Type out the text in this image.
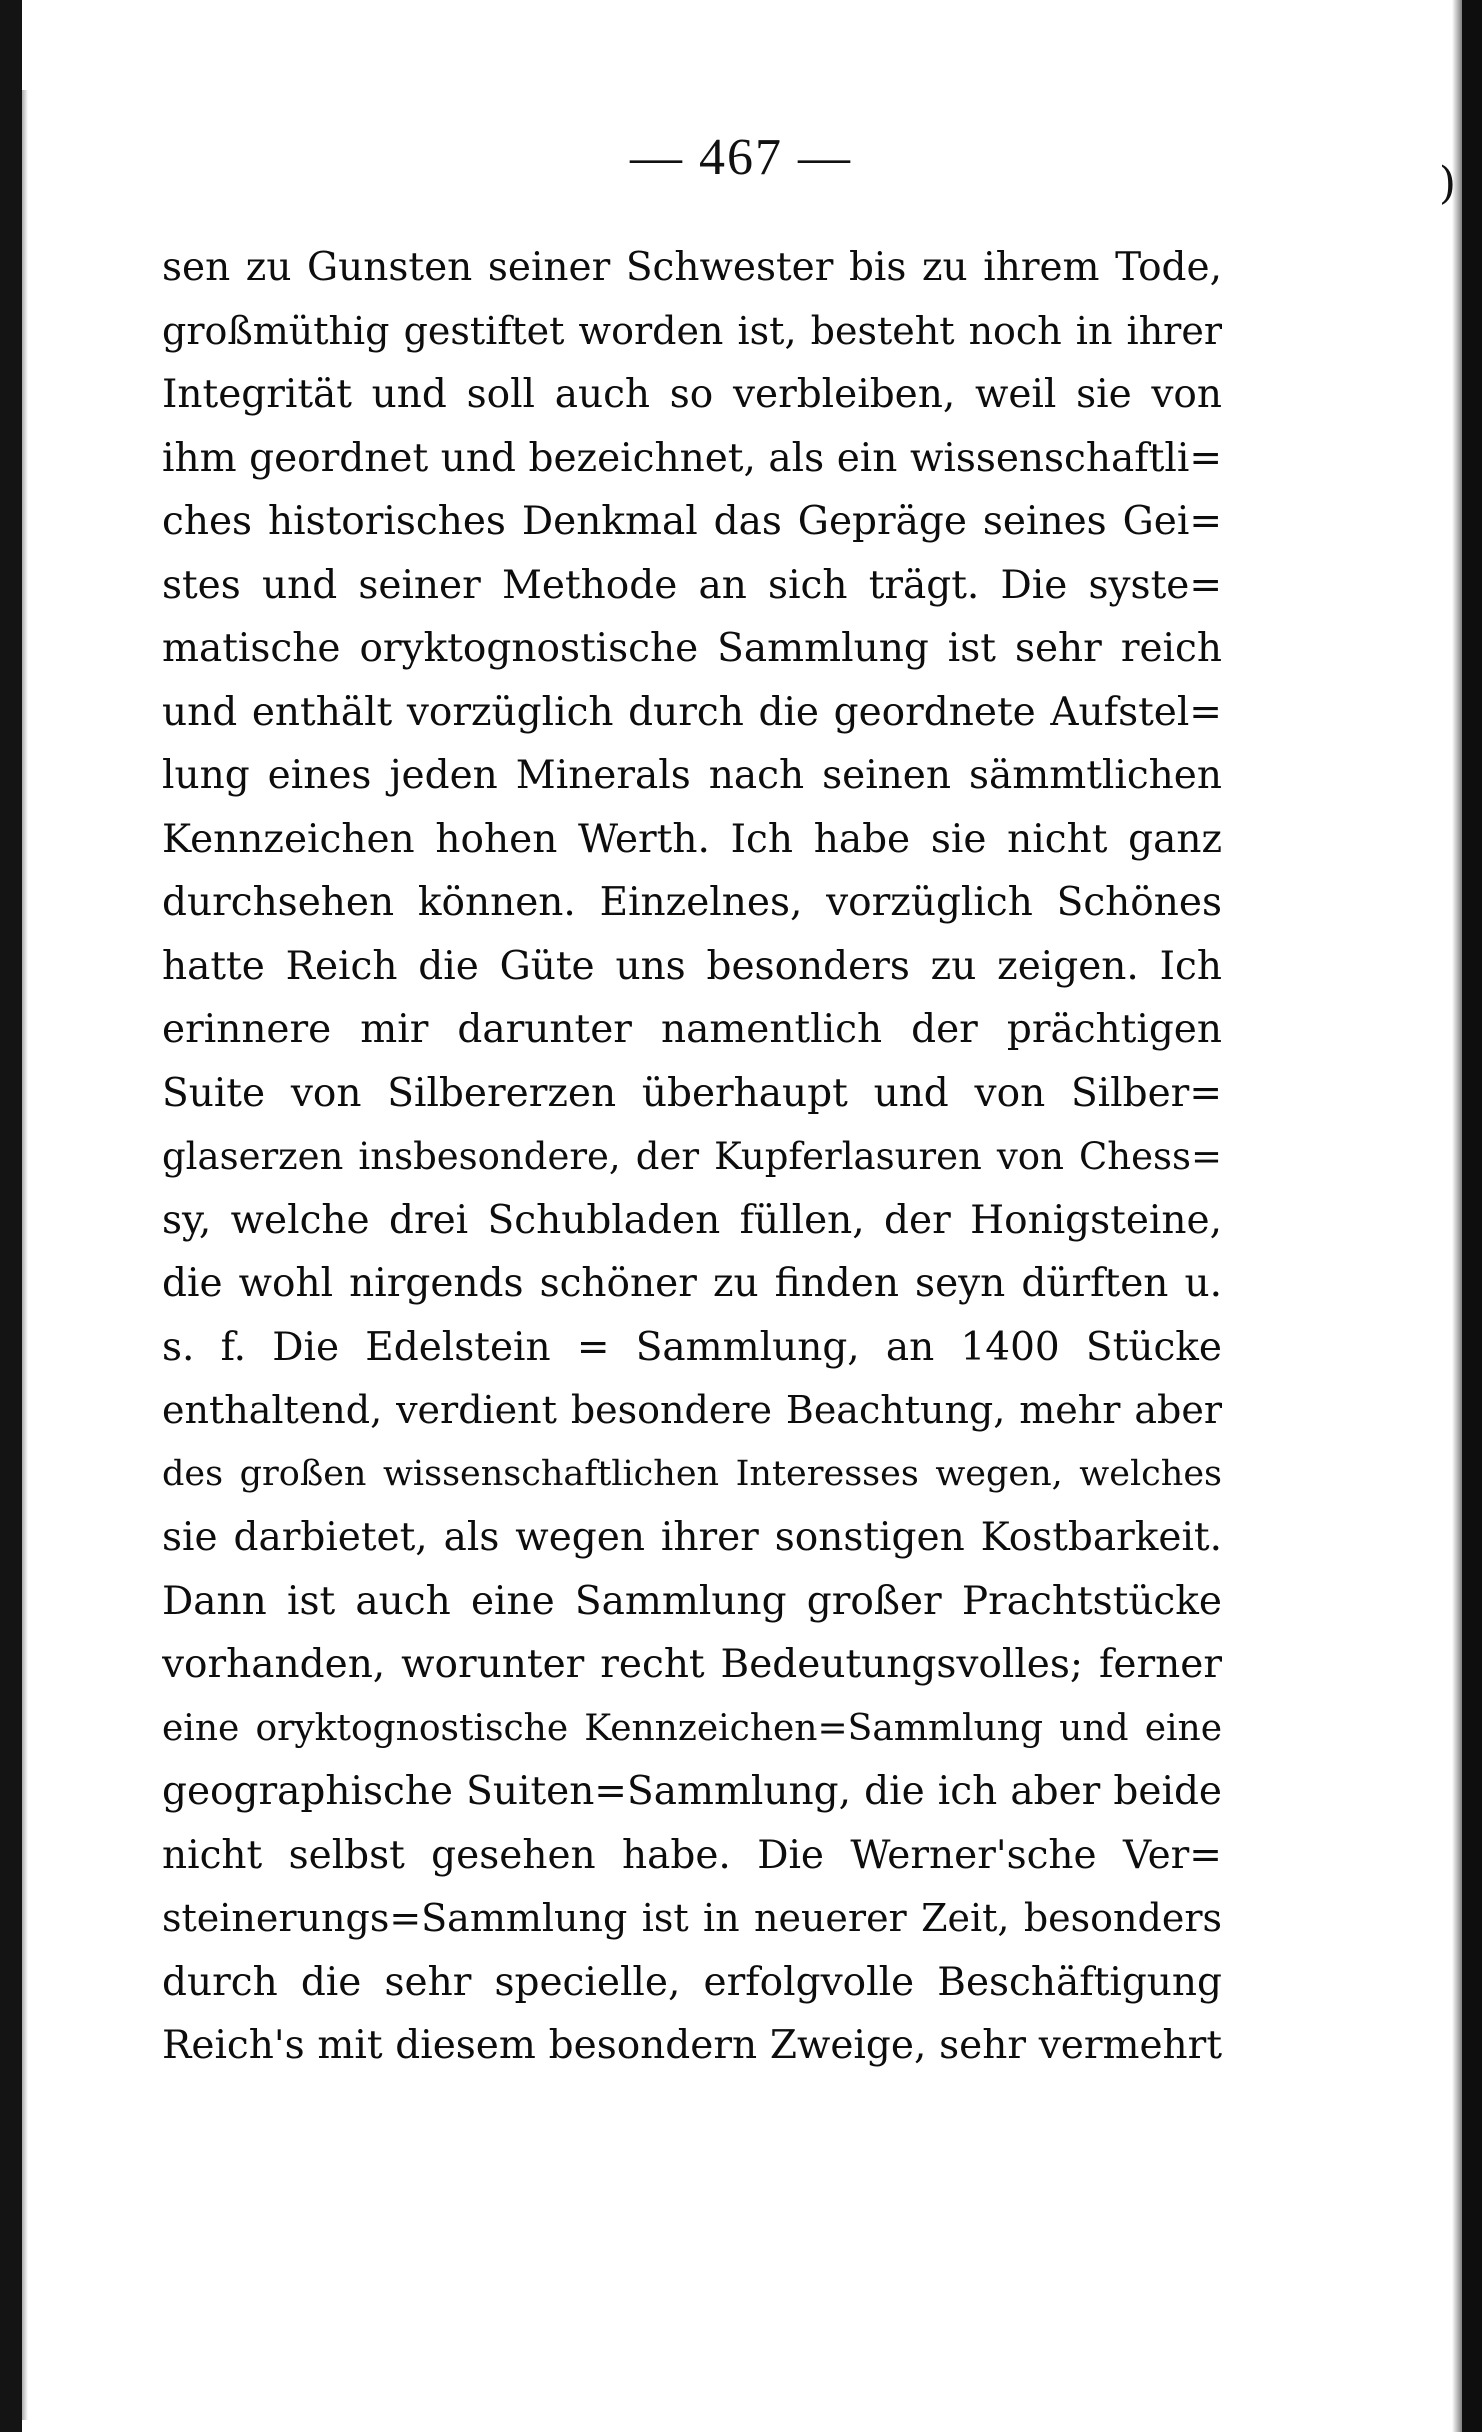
)
— 467 —
sen zu Gunsten seiner Schwester bis zu ihrem Tode,
großmüthig gestiftet worden ist, besteht noch in ihrer
Integrität und soll auch so verbleiben, weil sie von
ihm geordnet und bezeichnet, als ein wissenschaftli=
ches historisches Denkmal das Gepräge seines Gei=
stes und seiner Methode an sich trägt. Die syste=
matische oryktognostische Sammlung ist sehr reich
und enthält vorzüglich durch die geordnete Aufstel=
lung eines jeden Minerals nach seinen sämmtlichen
Kennzeichen hohen Werth. Ich habe sie nicht ganz
durchsehen können. Einzelnes, vorzüglich Schönes
hatte Reich die Güte uns besonders zu zeigen. Ich
erinnere mir darunter namentlich der prächtigen
Suite von Silbererzen überhaupt und von Silber=
glaserzen insbesondere, der Kupferlasuren von Chess=
sy, welche drei Schubladen füllen, der Honigsteine,
die wohl nirgends schöner zu finden seyn dürften u.
s. f. Die Edelstein = Sammlung, an 1400 Stücke
enthaltend, verdient besondere Beachtung, mehr aber
des großen wissenschaftlichen Interesses wegen, welches
sie darbietet, als wegen ihrer sonstigen Kostbarkeit.
Dann ist auch eine Sammlung großer Prachtstücke
vorhanden, worunter recht Bedeutungsvolles; ferner
eine oryktognostische Kennzeichen=Sammlung und eine
geographische Suiten=Sammlung, die ich aber beide
nicht selbst gesehen habe. Die Werner'sche Ver=
steinerungs=Sammlung ist in neuerer Zeit, besonders
durch die sehr specielle, erfolgvolle Beschäftigung
Reich's mit diesem besondern Zweige, sehr vermehrt
